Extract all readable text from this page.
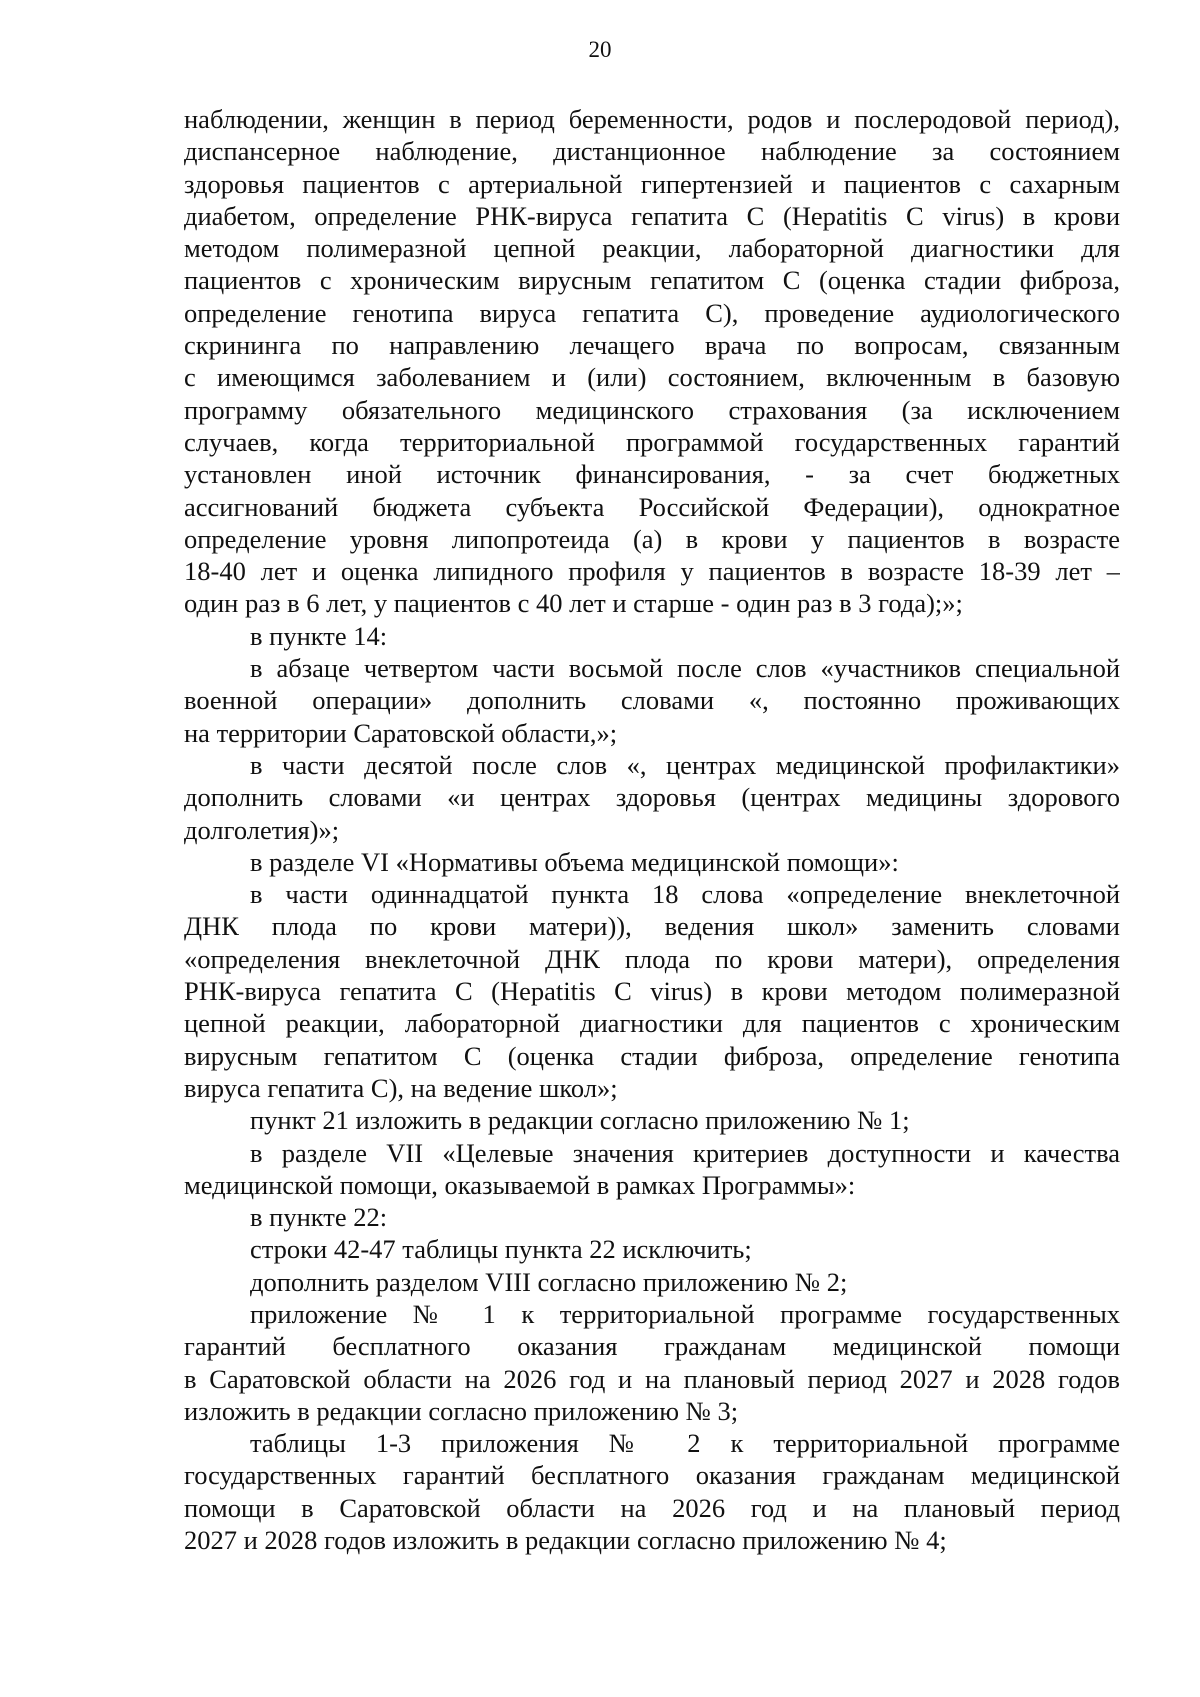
20
наблюдении, женщин в период беременности, родов и послеродовой период),
диспансерное наблюдение, дистанционное наблюдение за состоянием
здоровья пациентов с артериальной гипертензией и пациентов с сахарным
диабетом, определение РНК-вируса гепатита С (Hepatitis C virus) в крови
методом полимеразной цепной реакции, лабораторной диагностики для
пациентов с хроническим вирусным гепатитом С (оценка стадии фиброза,
определение генотипа вируса гепатита С), проведение аудиологического
скрининга по направлению лечащего врача по вопросам, связанным
с имеющимся заболеванием и (или) состоянием, включенным в базовую
программу обязательного медицинского страхования (за исключением
случаев, когда территориальной программой государственных гарантий
установлен иной источник финансирования, - за счет бюджетных
ассигнований бюджета субъекта Российской Федерации), однократное
определение уровня липопротеида (а) в крови у пациентов в возрасте
18-40 лет и оценка липидного профиля у пациентов в возрасте 18-39 лет –
один раз в 6 лет, у пациентов с 40 лет и старше - один раз в 3 года);»;
в пункте 14:
в абзаце четвертом части восьмой после слов «участников специальной
военной операции» дополнить словами «, постоянно проживающих
на территории Саратовской области,»;
в части десятой после слов «, центрах медицинской профилактики»
дополнить словами «и центрах здоровья (центрах медицины здорового
долголетия)»;
в разделе VI «Нормативы объема медицинской помощи»:
в части одиннадцатой пункта 18 слова «определение внеклеточной
ДНК плода по крови матери)), ведения школ» заменить словами
«определения внеклеточной ДНК плода по крови матери), определения
РНК-вируса гепатита С (Hepatitis C virus) в крови методом полимеразной
цепной реакции, лабораторной диагностики для пациентов с хроническим
вирусным гепатитом С (оценка стадии фиброза, определение генотипа
вируса гепатита С), на ведение школ»;
пункт 21 изложить в редакции согласно приложению № 1;
в разделе VII «Целевые значения критериев доступности и качества
медицинской помощи, оказываемой в рамках Программы»:
в пункте 22:
строки 42-47 таблицы пункта 22 исключить;
дополнить разделом VIII согласно приложению № 2;
приложение № 1 к территориальной программе государственных
гарантий бесплатного оказания гражданам медицинской помощи
в Саратовской области на 2026 год и на плановый период 2027 и 2028 годов
изложить в редакции согласно приложению № 3;
таблицы 1-3 приложения № 2 к территориальной программе
государственных гарантий бесплатного оказания гражданам медицинской
помощи в Саратовской области на 2026 год и на плановый период
2027 и 2028 годов изложить в редакции согласно приложению № 4;
